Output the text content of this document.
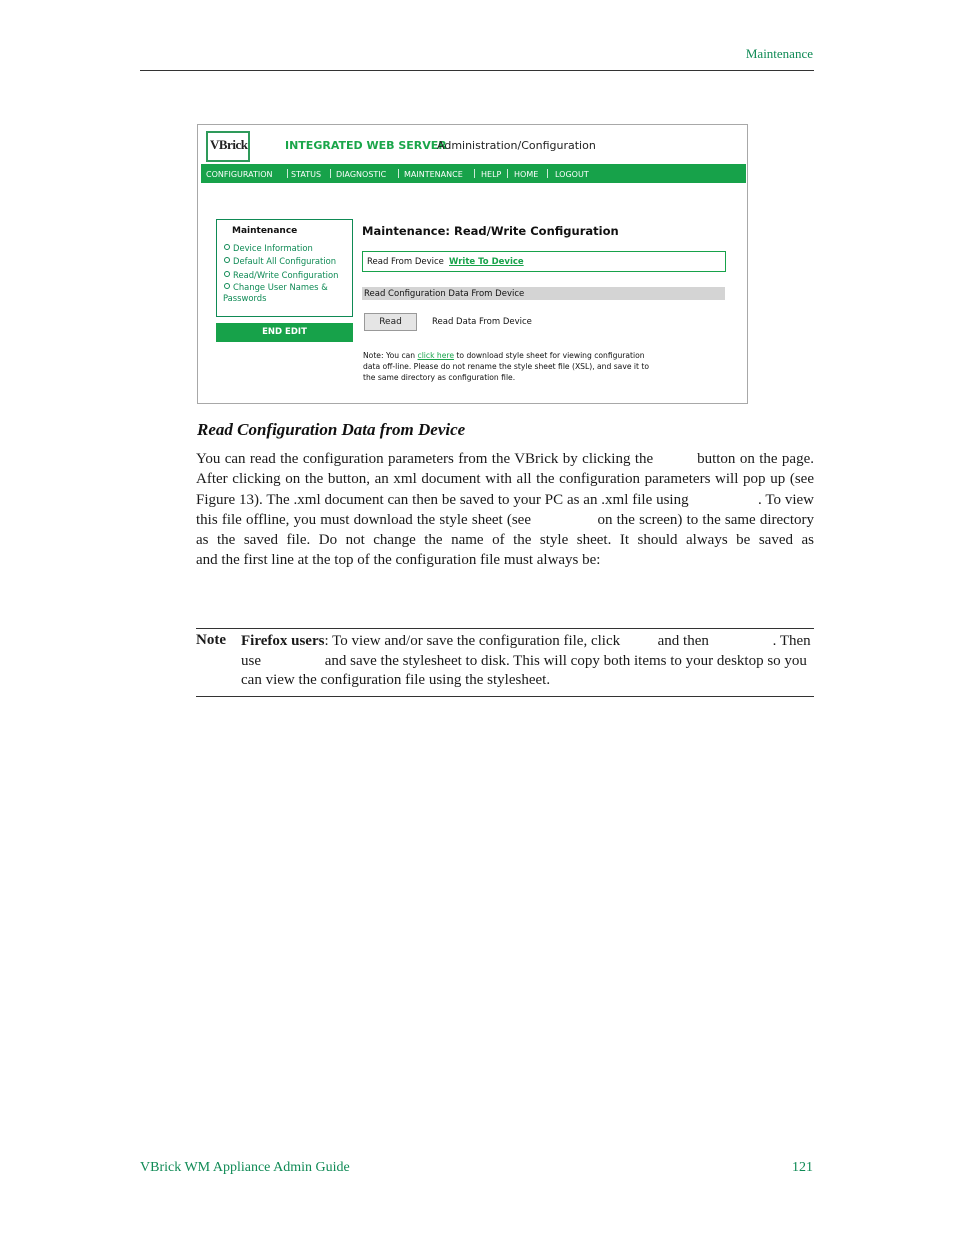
Maintenance
VBrick	INTEGRATED WEB SERVER
Administration/Configuration
CONFIGURATION | STATUS | DIAGNOSTIC | MAINTENANCE | HELP | HOME | LOGOUT
Maintenance
Device Information
Default All Configuration
Read/Write Configuration
Change User Names &
Passwords
END EDIT
Maintenance: Read/Write Configuration
Read From Device Write To Device
Read Configuration Data From Device
Read	Read Data From Device
Note: You can click here to download style sheet for viewing configuration
data off-line. Please do not rename the style sheet file (XSL), and save it to
the same directory as configuration file.
Read Configuration Data from Device

You can read the configuration parameters from the VBrick by clicking the          button on the page. After clicking on the button, an xml document with all the configuration parameters will pop up (see Figure 13). The .xml document can then be saved to your PC as an .xml file using                  . To view this file offline, you must download the style sheet (see                on the screen) to the same directory as the saved file. Do not change the name of the style sheet. It should always be saved as                   and the first line at the top of the configuration file must always be:

Note Firefox users: To view and/or save the configuration file, click          and then                 . Then use                 and save the stylesheet to disk. This will copy both items to your desktop so you can view the configuration file using the stylesheet.
VBrick WM Appliance Admin Guide	121
